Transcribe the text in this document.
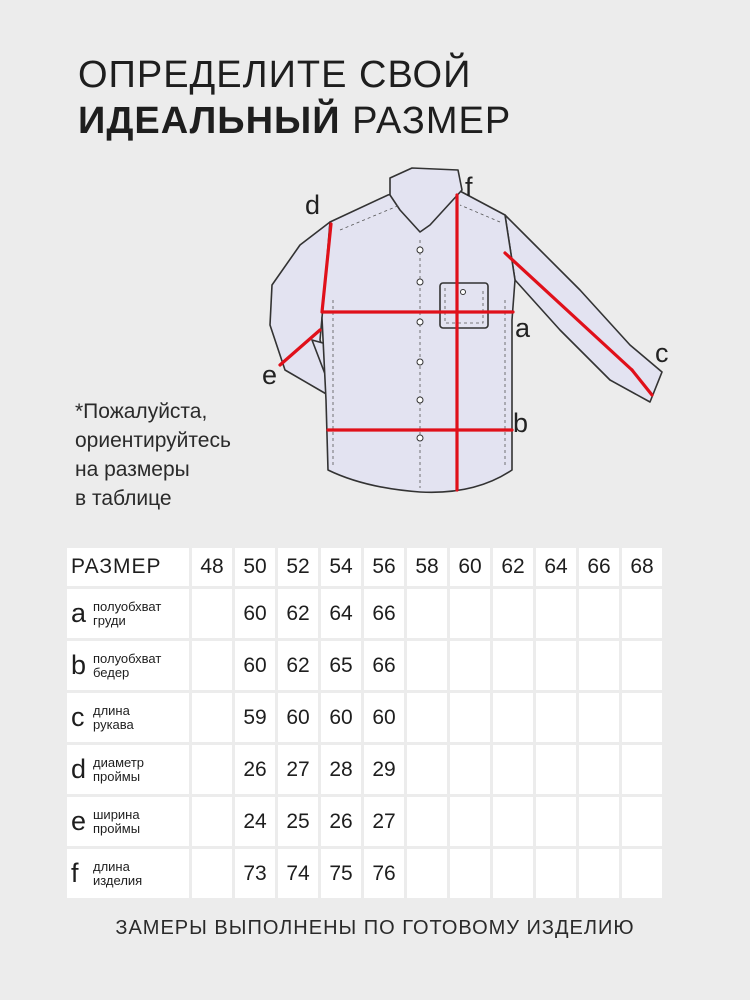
ОПРЕДЕЛИТЕ СВОЙ
ИДЕАЛЬНЫЙ РАЗМЕР
d
f
a
c
e
b
*Пожалуйста,
ориентируйтесь
на размеры
в таблице
РАЗМЕР	48	50	52	54	56	58	60	62	64	66	68

a полуобхват
груди		60	62	64	66						

b полуобхват
бедер		60	62	65	66						

c длина
рукава		59	60	60	60						

d диаметр
проймы		26	27	28	29						

e ширина
проймы		24	25	26	27						

f длина
изделия		73	74	75	76						
ЗАМЕРЫ ВЫПОЛНЕНЫ ПО ГОТОВОМУ ИЗДЕЛИЮ
